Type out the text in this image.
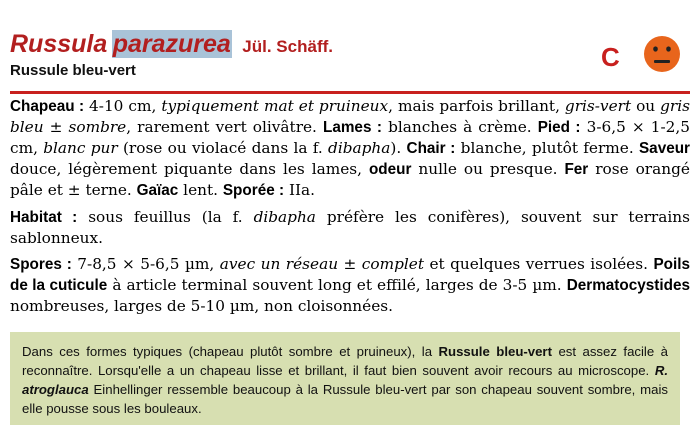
Russula parazurea Jül. Schäff.
Russule bleu-vert	C

Chapeau : 4-10 cm, typiquement mat et pruineux, mais parfois brillant, gris-vert ou gris bleu ± sombre, rarement vert olivâtre. Lames : blanches à crème. Pied : 3-6,5 × 1-2,5 cm, blanc pur (rose ou violacé dans la f. dibapha). Chair : blanche, plutôt ferme. Saveur douce, légèrement piquante dans les lames, odeur nulle ou presque. Fer rose orangé pâle et ± terne. Gaïac lent. Sporée : IIa.

Habitat : sous feuillus (la f. dibapha préfère les conifères), souvent sur terrains sablonneux.

Spores : 7-8,5 × 5-6,5 µm, avec un réseau ± complet et quelques verrues isolées. Poils de la cuticule à article terminal souvent long et effilé, larges de 3-5 µm. Dermatocystides nombreuses, larges de 5-10 µm, non cloisonnées.

Dans ces formes typiques (chapeau plutôt sombre et pruineux), la Russule bleu-vert est assez facile à reconnaître. Lorsqu'elle a un chapeau lisse et brillant, il faut bien souvent avoir recours au microscope. R. atroglauca Einhellinger ressemble beaucoup à la Russule bleu-vert par son chapeau souvent sombre, mais elle pousse sous les bouleaux.
